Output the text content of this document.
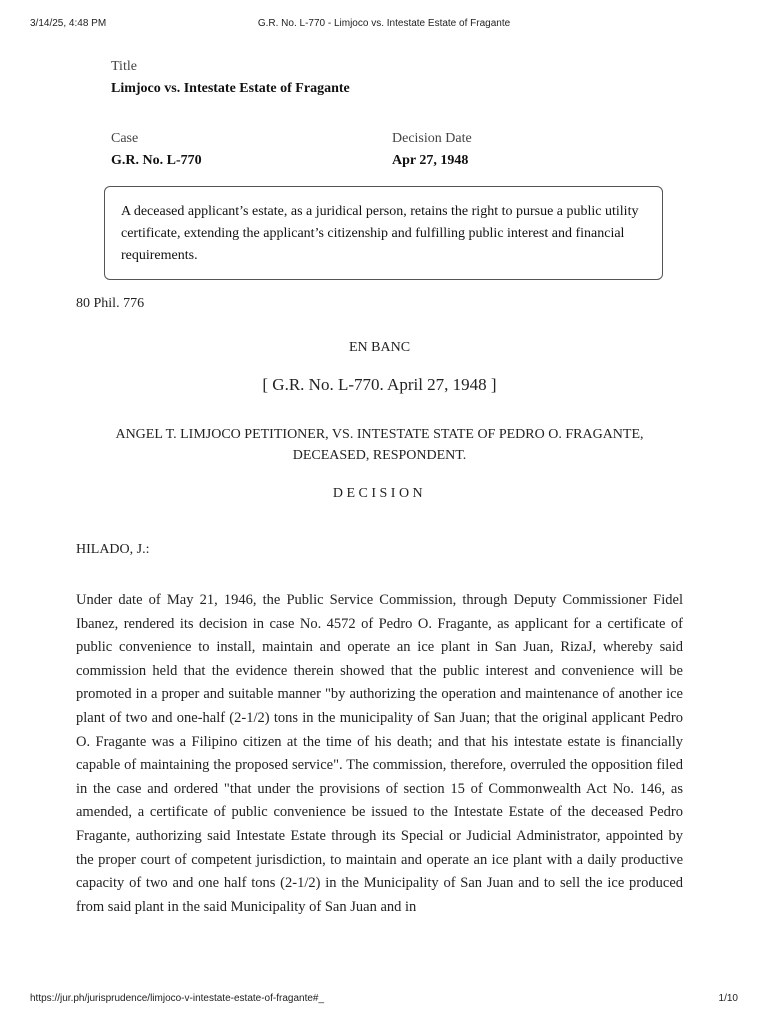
3/14/25, 4:48 PM	G.R. No. L-770 - Limjoco vs. Intestate Estate of Fragante
Title
Limjoco vs. Intestate Estate of Fragante
Case
G.R. No. L-770
Decision Date
Apr 27, 1948
A deceased applicant’s estate, as a juridical person, retains the right to pursue a public utility certificate, extending the applicant’s citizenship and fulfilling public interest and financial requirements.
80 Phil. 776
EN BANC
[ G.R. No. L-770. April 27, 1948 ]
ANGEL T. LIMJOCO PETITIONER, VS. INTESTATE STATE OF PEDRO O. FRAGANTE, DECEASED, RESPONDENT.
DECISION
HILADO, J.:
Under date of May 21, 1946, the Public Service Commission, through Deputy Commissioner Fidel Ibanez, rendered its decision in case No. 4572 of Pedro O. Fragante, as applicant for a certificate of public convenience to install, maintain and operate an ice plant in San Juan, RizaJ, whereby said commission held that the evidence therein showed that the public interest and convenience will be promoted in a proper and suitable manner "by authorizing the operation and maintenance of another ice plant of two and one-half (2-1/2) tons in the municipality of San Juan; that the original applicant Pedro O. Fragante was a Filipino citizen at the time of his death; and that his intestate estate is financially capable of maintaining the proposed service". The commission, therefore, overruled the opposition filed in the case and ordered "that under the provisions of section 15 of Commonwealth Act No. 146, as amended, a certificate of public convenience be issued to the Intestate Estate of the deceased Pedro Fragante, authorizing said Intestate Estate through its Special or Judicial Administrator, appointed by the proper court of competent jurisdiction, to maintain and operate an ice plant with a daily productive capacity of two and one half tons (2-1/2) in the Municipality of San Juan and to sell the ice produced from said plant in the said Municipality of San Juan and in
https://jur.ph/jurisprudence/limjoco-v-intestate-estate-of-fragante#_	1/10
